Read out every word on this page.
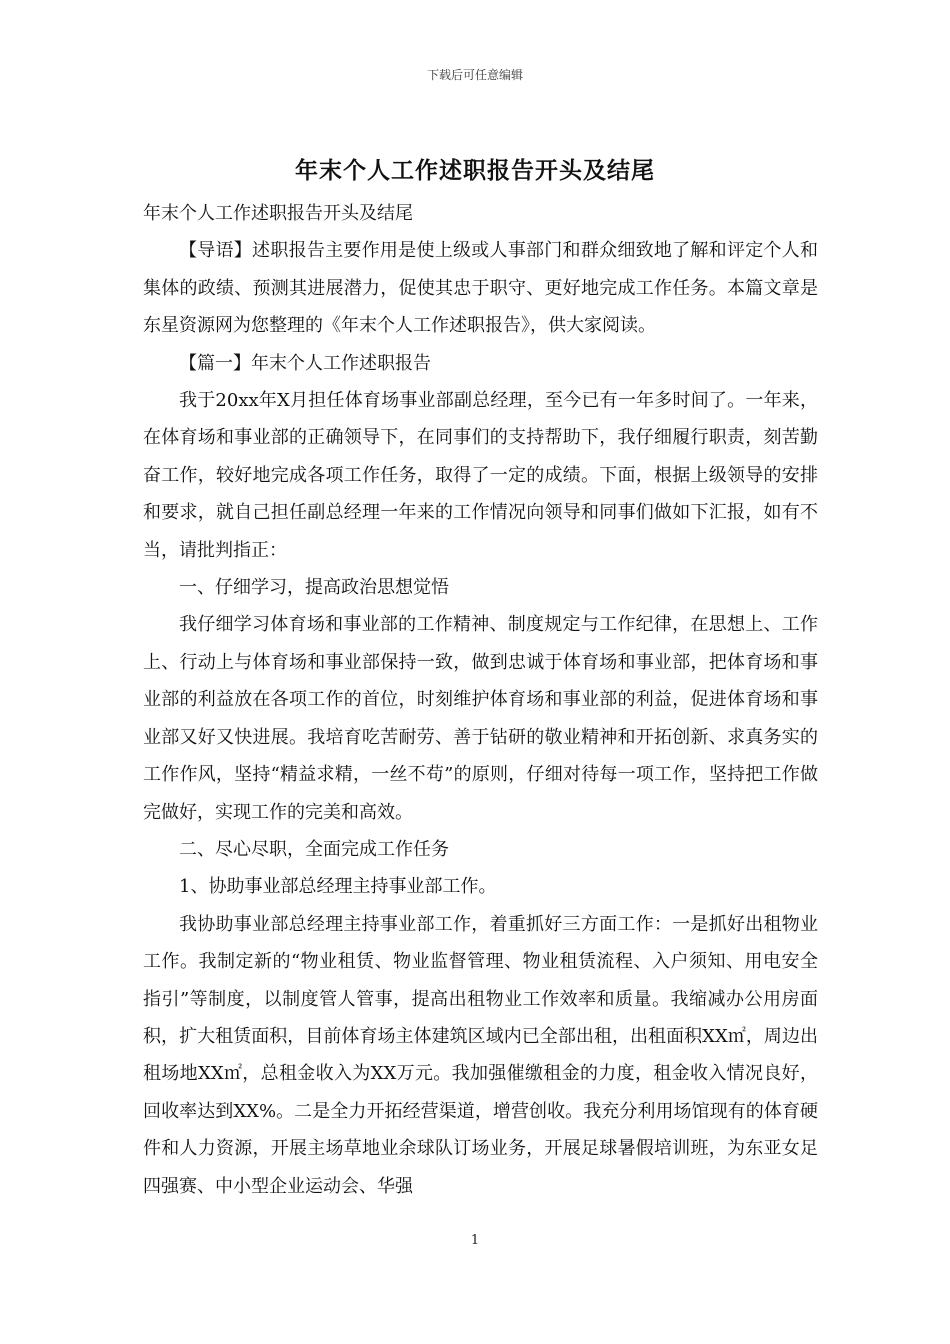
下载后可任意编辑
年末个人工作述职报告开头及结尾

年末个人工作述职报告开头及结尾

【导语】述职报告主要作用是使上级或人事部门和群众细致地了解和评定个人和集体的政绩、预测其进展潜力，促使其忠于职守、更好地完成工作任务。本篇文章是东星资源网为您整理的《年末个人工作述职报告》，供大家阅读。

【篇一】年末个人工作述职报告

我于20xx年X月担任体育场事业部副总经理，至今已有一年多时间了。一年来，在体育场和事业部的正确领导下，在同事们的支持帮助下，我仔细履行职责，刻苦勤奋工作，较好地完成各项工作任务，取得了一定的成绩。下面，根据上级领导的安排和要求，就自己担任副总经理一年来的工作情况向领导和同事们做如下汇报，如有不当，请批判指正：

一、仔细学习，提高政治思想觉悟

我仔细学习体育场和事业部的工作精神、制度规定与工作纪律，在思想上、工作上、行动上与体育场和事业部保持一致，做到忠诚于体育场和事业部，把体育场和事业部的利益放在各项工作的首位，时刻维护体育场和事业部的利益，促进体育场和事业部又好又快进展。我培育吃苦耐劳、善于钻研的敬业精神和开拓创新、求真务实的工作作风，坚持“精益求精，一丝不苟”的原则，仔细对待每一项工作，坚持把工作做完做好，实现工作的完美和高效。

二、尽心尽职，全面完成工作任务

1、协助事业部总经理主持事业部工作。

我协助事业部总经理主持事业部工作，着重抓好三方面工作：一是抓好出租物业工作。我制定新的“物业租赁、物业监督管理、物业租赁流程、入户须知、用电安全指引”等制度，以制度管人管事，提高出租物业工作效率和质量。我缩减办公用房面积，扩大租赁面积，目前体育场主体建筑区域内已全部出租，出租面积XX㎡，周边出租场地XX㎡，总租金收入为XX万元。我加强催缴租金的力度，租金收入情况良好，回收率达到XX%。二是全力开拓经营渠道，增营创收。我充分利用场馆现有的体育硬件和人力资源，开展主场草地业余球队订场业务，开展足球暑假培训班，为东亚女足四强赛、中小型企业运动会、华强

1
